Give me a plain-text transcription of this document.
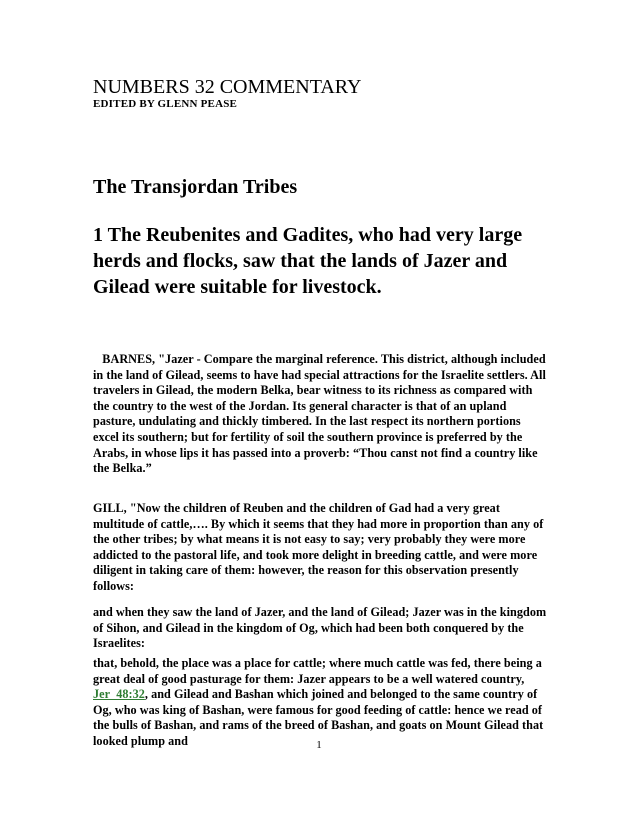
NUMBERS 32 COMMENTARY
EDITED BY GLENN PEASE
The Transjordan Tribes

1 The Reubenites and Gadites, who had very large herds and flocks, saw that the lands of Jazer and Gilead were suitable for livestock.

BARNES, "Jazer - Compare the marginal reference. This district, although included in the land of Gilead, seems to have had special attractions for the Israelite settlers. All travelers in Gilead, the modern Belka, bear witness to its richness as compared with the country to the west of the Jordan. Its general character is that of an upland pasture, undulating and thickly timbered. In the last respect its northern portions excel its southern; but for fertility of soil the southern province is preferred by the Arabs, in whose lips it has passed into a proverb: “Thou canst not find a country like the Belka.”

GILL, "Now the children of Reuben and the children of Gad had a very great multitude of cattle,…. By which it seems that they had more in proportion than any of the other tribes; by what means it is not easy to say; very probably they were more addicted to the pastoral life, and took more delight in breeding cattle, and were more diligent in taking care of them: however, the reason for this observation presently follows:

and when they saw the land of Jazer, and the land of Gilead; Jazer was in the kingdom of Sihon, and Gilead in the kingdom of Og, which had been both conquered by the Israelites:

that, behold, the place was a place for cattle; where much cattle was fed, there being a great deal of good pasturage for them: Jazer appears to be a well watered country, Jer_48:32, and Gilead and Bashan which joined and belonged to the same country of Og, who was king of Bashan, were famous for good feeding of cattle: hence we read of the bulls of Bashan, and rams of the breed of Bashan, and goats on Mount Gilead that looked plump and	1
